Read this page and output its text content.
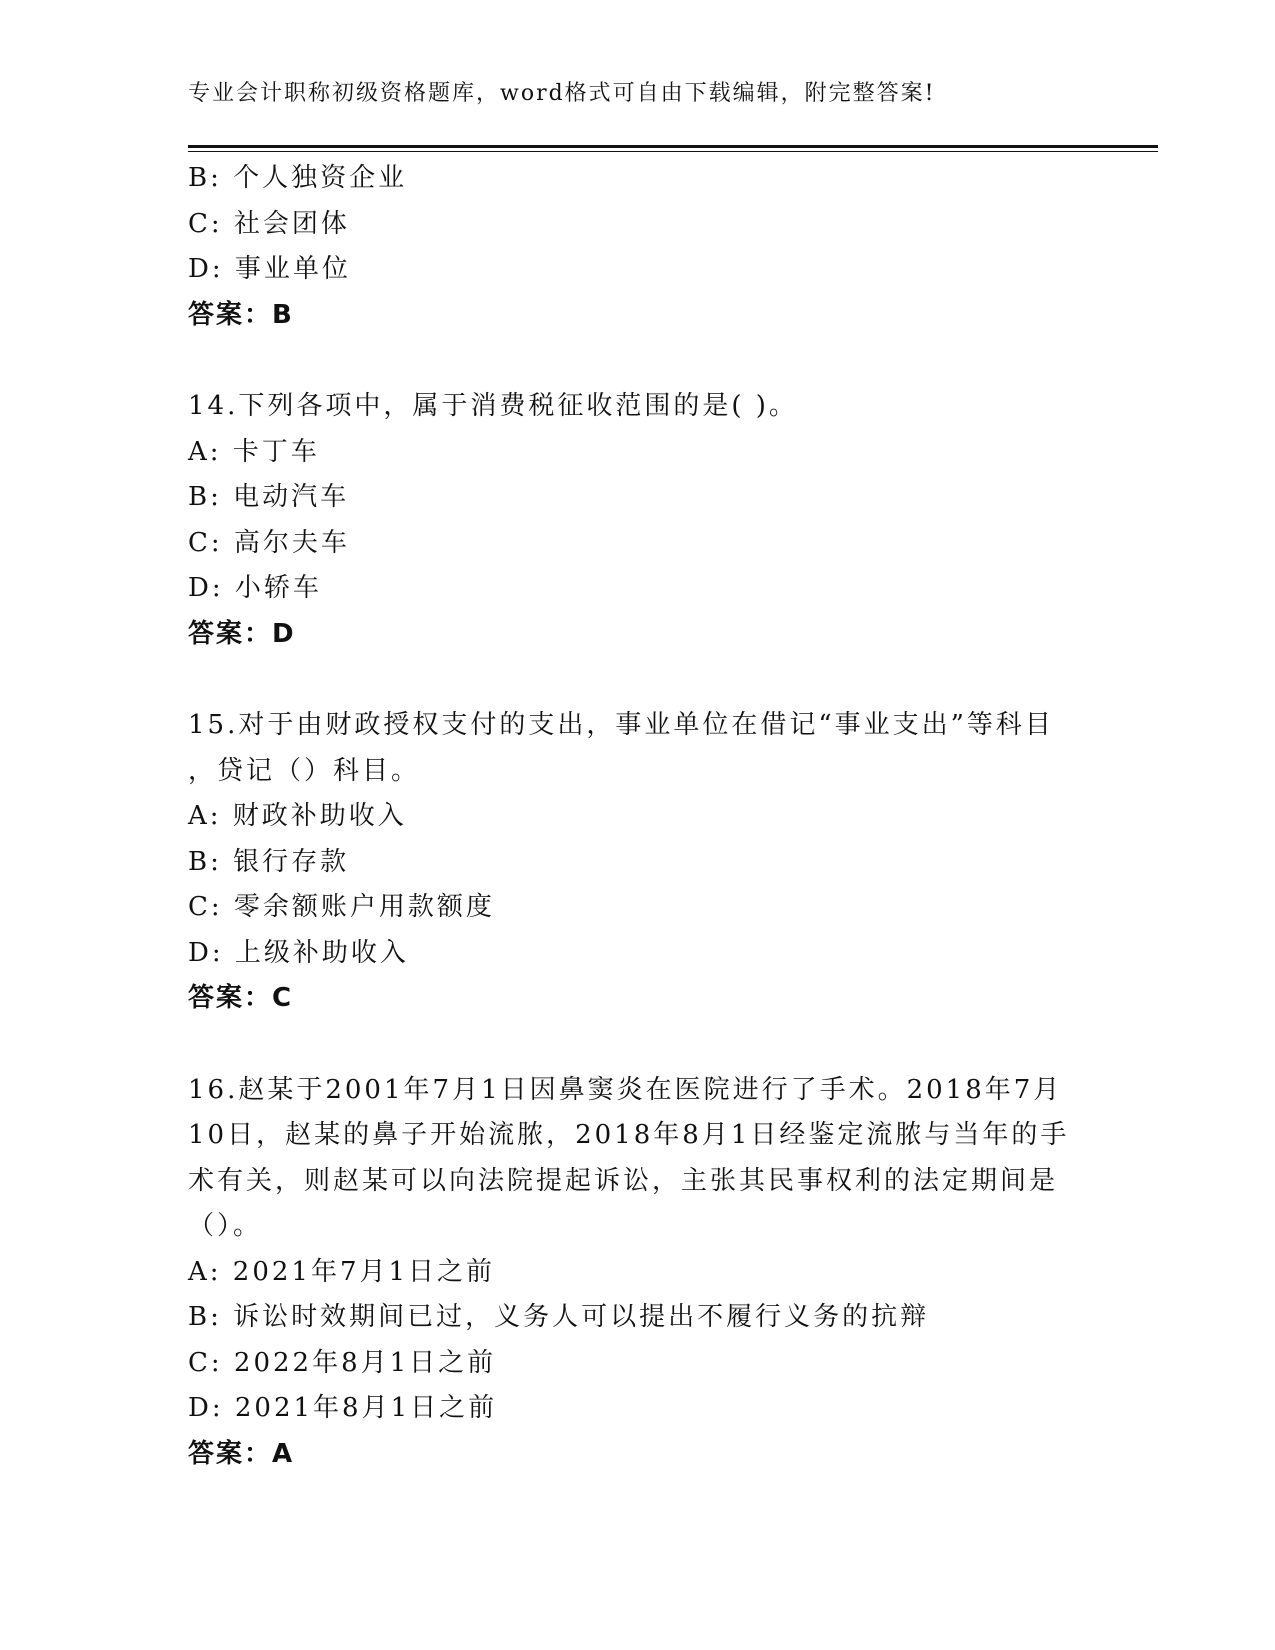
专业会计职称初级资格题库，word格式可自由下载编辑，附完整答案!
B: 个人独资企业
C: 社会团体
D: 事业单位
答案：B
14.下列各项中，属于消费税征收范围的是( )。
A: 卡丁车
B: 电动汽车
C: 高尔夫车
D: 小轿车
答案：D
15.对于由财政授权支付的支出，事业单位在借记“事业支出”等科目
，贷记（）科目。
A: 财政补助收入
B: 银行存款
C: 零余额账户用款额度
D: 上级补助收入
答案：C
16.赵某于2001年7月1日因鼻窦炎在医院进行了手术。2018年7月
10日，赵某的鼻子开始流脓，2018年8月1日经鉴定流脓与当年的手
术有关，则赵某可以向法院提起诉讼，主张其民事权利的法定期间是
（）。
A: 2021年7月1日之前
B: 诉讼时效期间已过，义务人可以提出不履行义务的抗辩
C: 2022年8月1日之前
D: 2021年8月1日之前
答案：A
